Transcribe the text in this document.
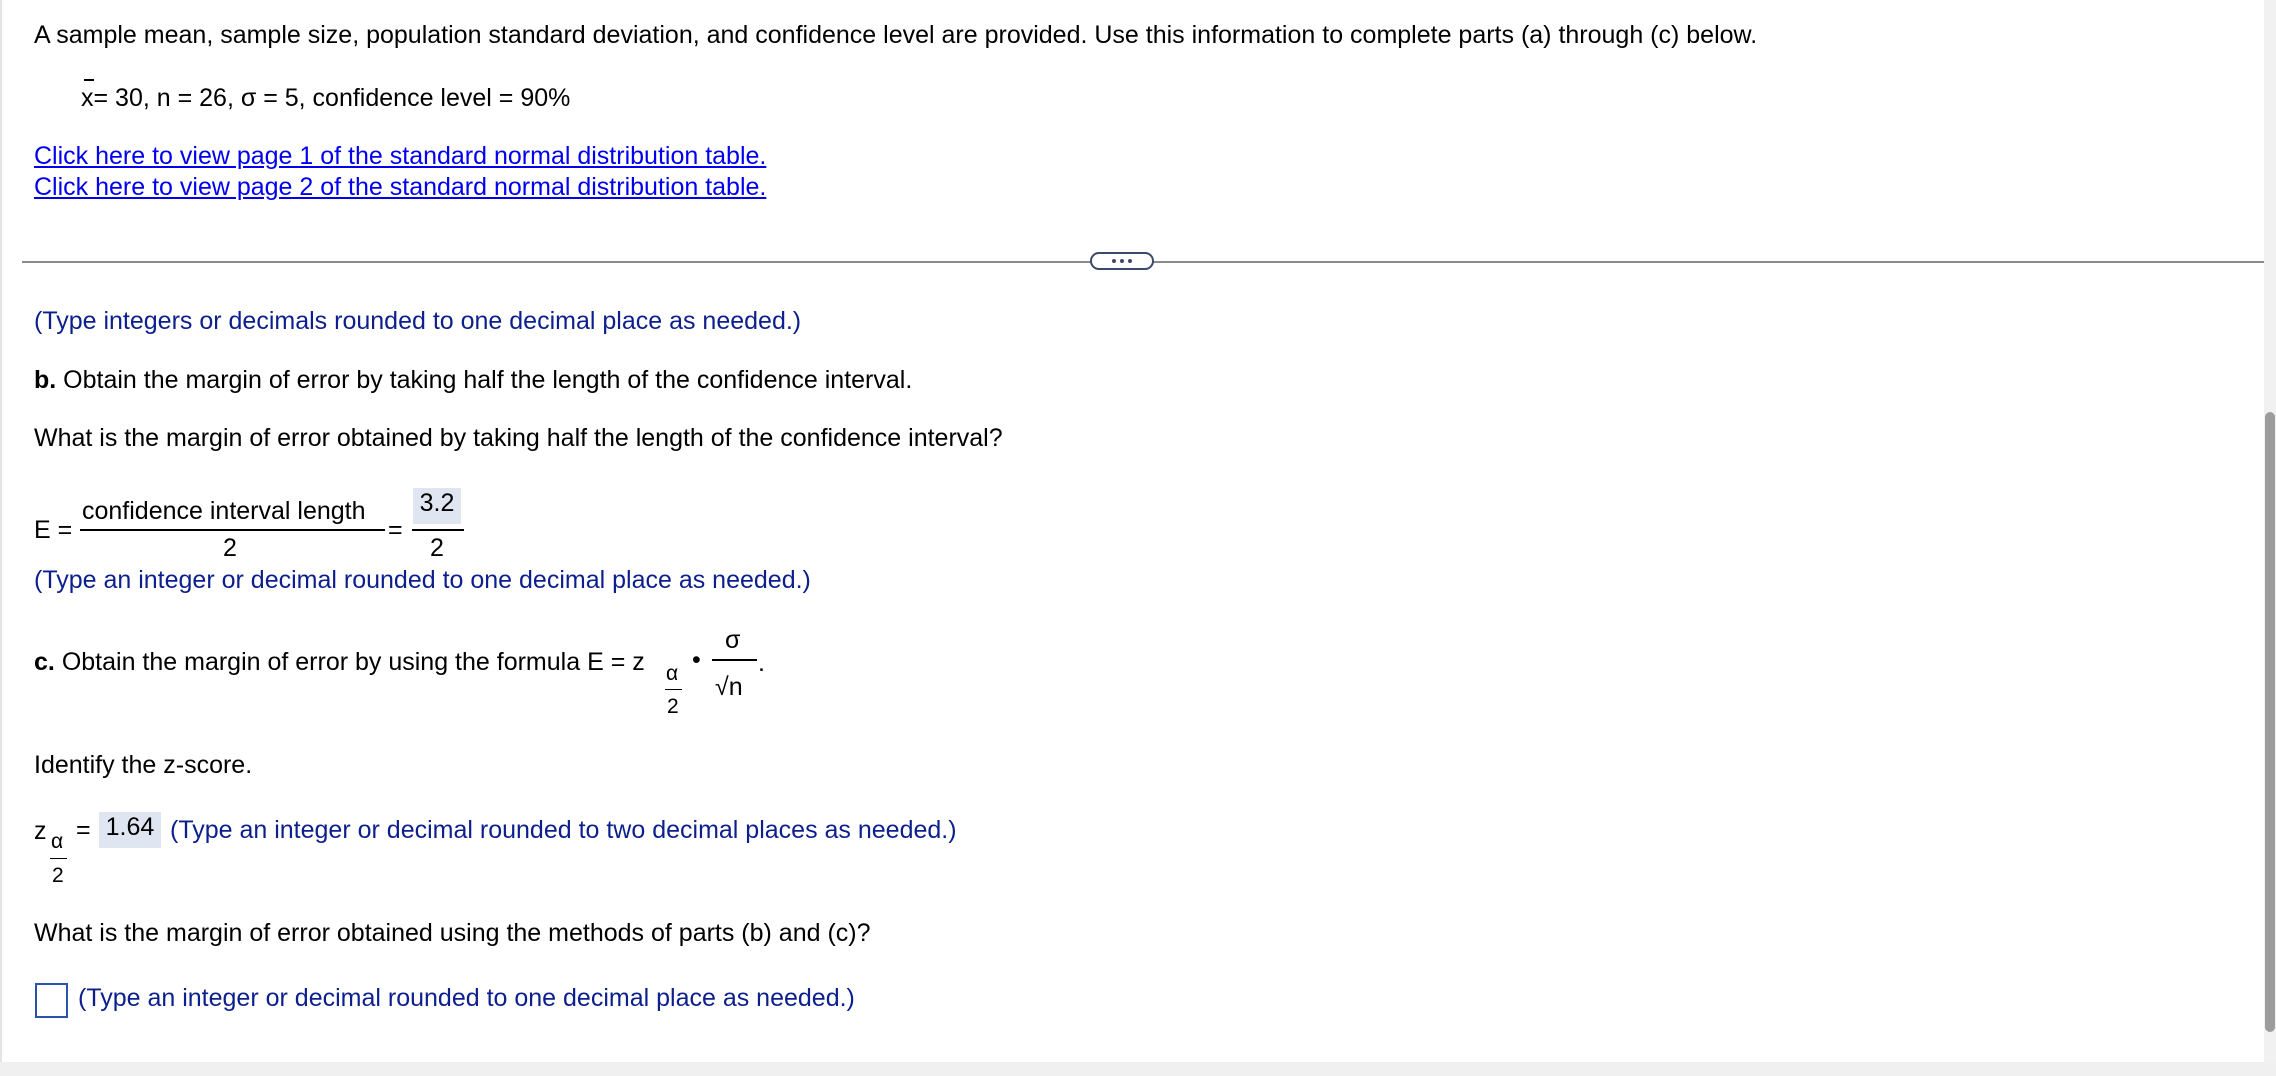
A sample mean, sample size, population standard deviation, and confidence level are provided. Use this information to complete parts (a) through (c) below.
x= 30, n = 26, σ = 5, confidence level = 90%
Click here to view page 1 of the standard normal distribution table.
Click here to view page 2 of the standard normal distribution table.
(Type integers or decimals rounded to one decimal place as needed.)
b. Obtain the margin of error by taking half the length of the confidence interval.
What is the margin of error obtained by taking half the length of the confidence interval?
E =
confidence interval length
2
=
3.2
2
(Type an integer or decimal rounded to one decimal place as needed.)
c. Obtain the margin of error by using the formula E = z α
2
•
σ
√n
.
Identify the z-score.
z α
2
= 1.64 (Type an integer or decimal rounded to two decimal places as needed.)
What is the margin of error obtained using the methods of parts (b) and (c)?
(Type an integer or decimal rounded to one decimal place as needed.)
